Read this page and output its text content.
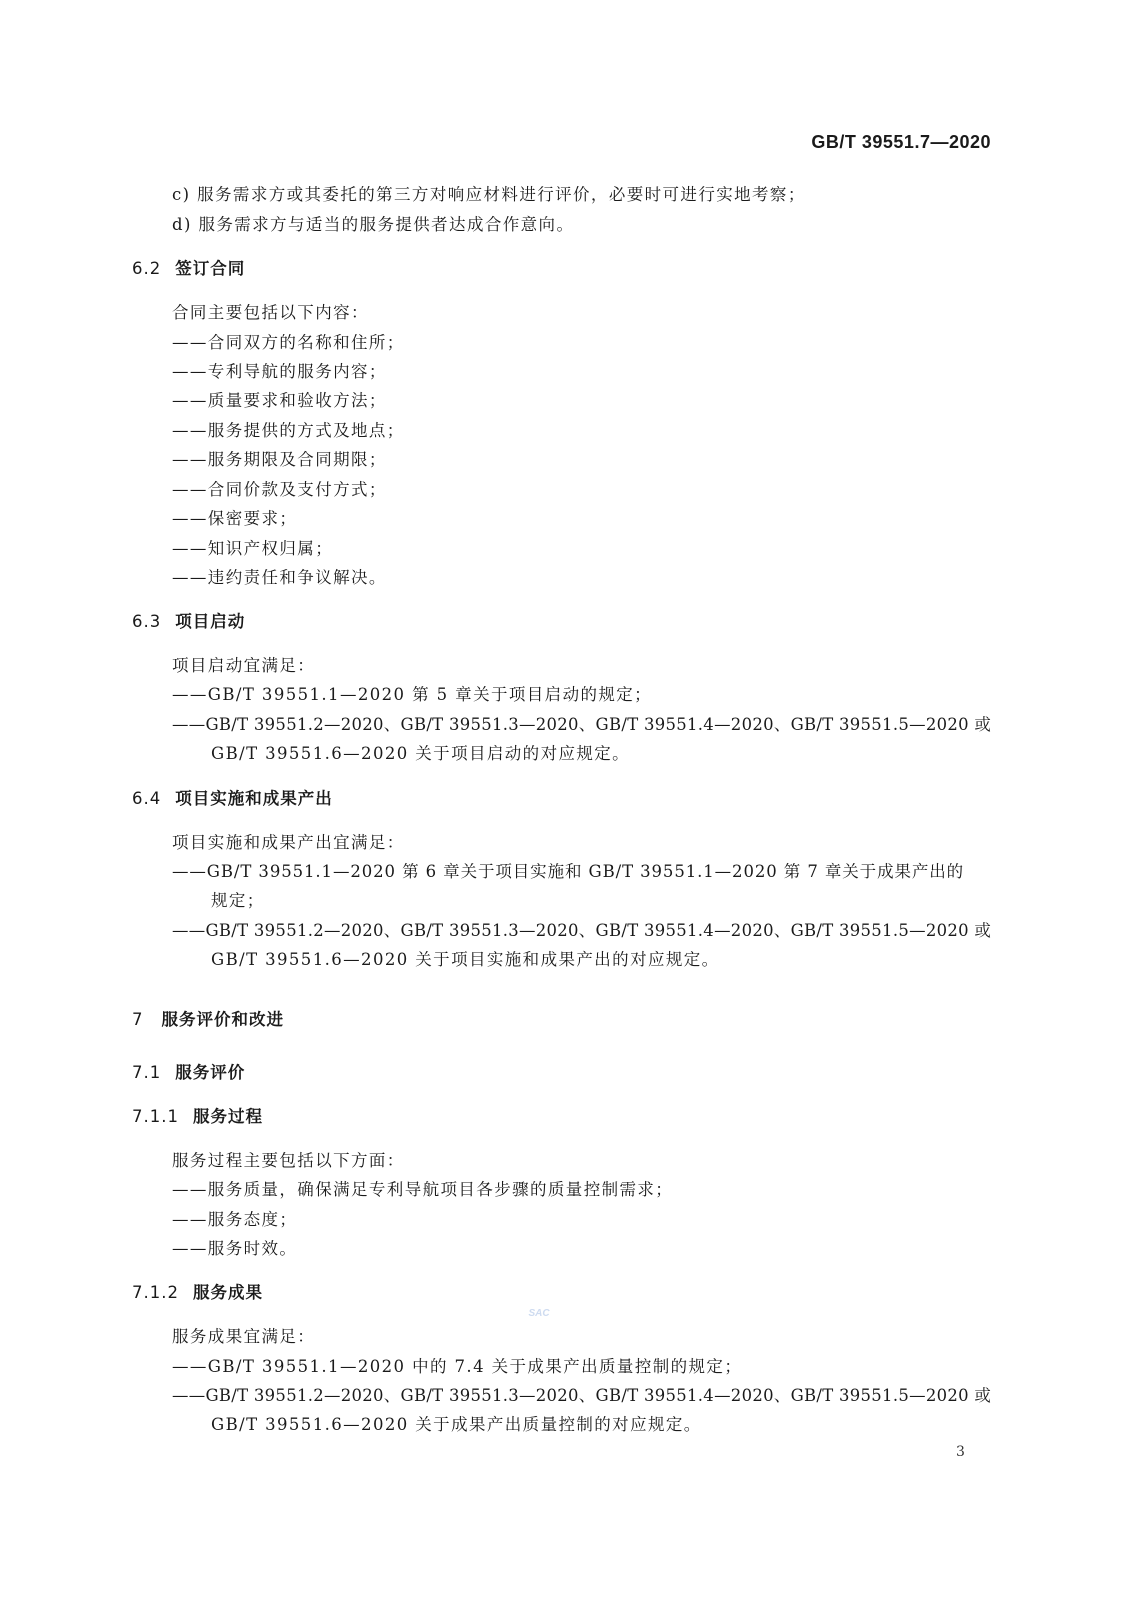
GB/T 39551.7—2020
c) 服务需求方或其委托的第三方对响应材料进行评价，必要时可进行实地考察；
d) 服务需求方与适当的服务提供者达成合作意向。
6.2 签订合同
合同主要包括以下内容：
——合同双方的名称和住所；
——专利导航的服务内容；
——质量要求和验收方法；
——服务提供的方式及地点；
——服务期限及合同期限；
——合同价款及支付方式；
——保密要求；
——知识产权归属；
——违约责任和争议解决。
6.3 项目启动
项目启动宜满足：
——GB/T 39551.1—2020 第 5 章关于项目启动的规定；
——GB/T 39551.2—2020、GB/T 39551.3—2020、GB/T 39551.4—2020、GB/T 39551.5—2020 或
GB/T 39551.6—2020 关于项目启动的对应规定。
6.4 项目实施和成果产出
项目实施和成果产出宜满足：
——GB/T 39551.1—2020 第 6 章关于项目实施和 GB/T 39551.1—2020 第 7 章关于成果产出的
规定；
——GB/T 39551.2—2020、GB/T 39551.3—2020、GB/T 39551.4—2020、GB/T 39551.5—2020 或
GB/T 39551.6—2020 关于项目实施和成果产出的对应规定。
7 服务评价和改进
7.1 服务评价
7.1.1 服务过程
服务过程主要包括以下方面：
——服务质量，确保满足专利导航项目各步骤的质量控制需求；
——服务态度；
——服务时效。
7.1.2 服务成果
SAC
服务成果宜满足：
——GB/T 39551.1—2020 中的 7.4 关于成果产出质量控制的规定；
——GB/T 39551.2—2020、GB/T 39551.3—2020、GB/T 39551.4—2020、GB/T 39551.5—2020 或
GB/T 39551.6—2020 关于成果产出质量控制的对应规定。
3
